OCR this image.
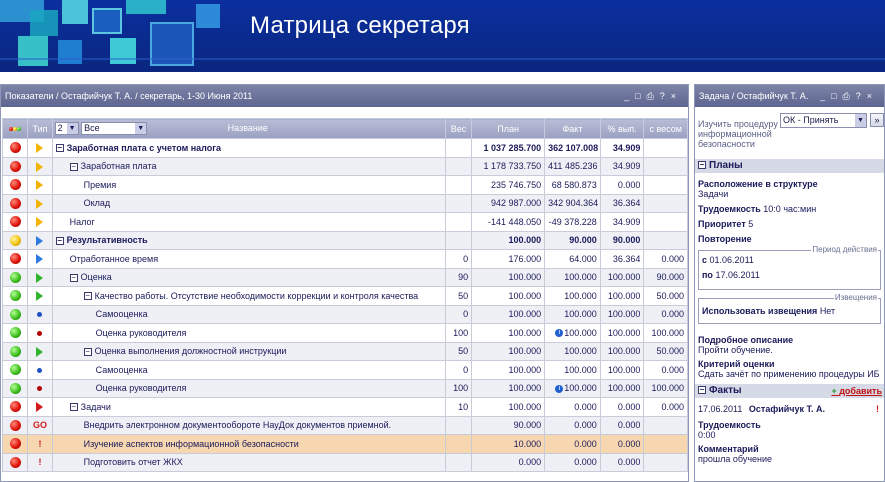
Матрица секретаря
Показатели / Остафийчук Т. А. / секретарь, 1-30 Июня 2011	_□⎙?×
	Тип	2 ▼ Все ▼ Название	Вес	План	Факт	% вып.	с весом
		− Заработная плата с учетом налога		1 037 285.700	362 107.008	34.909	
		− Заработная плата		1 178 733.750	411 485.236	34.909	
		Премия		235 746.750	68 580.873	0.000	
		Оклад		942 987.000	342 904.364	36.364	
		Налог		-141 448.050	-49 378.228	34.909	
		− Результативность		100.000	90.000	90.000	
		Отработанное время	0	176.000	64.000	36.364	0.000
		− Оценка	90	100.000	100.000	100.000	90.000
		− Качество работы. Отсутствие необходимости коррекции и контроля качества	50	100.000	100.000	100.000	50.000
		Самооценка	0	100.000	100.000	100.000	0.000
		Оценка руководителя	100	100.000	i 100.000	100.000	100.000
		− Оценка выполнения должностной инструкции	50	100.000	100.000	100.000	50.000
		Самооценка	0	100.000	100.000	100.000	0.000
		Оценка руководителя	100	100.000	i 100.000	100.000	100.000
		− Задачи	10	100.000	0.000	0.000	0.000
	GO	Внедрить электронном документообороте НауДок документов приемной.		90.000	0.000	0.000	
	!	Изучение аспектов информационной безопасности		10.000	0.000	0.000	
	!	Подготовить отчет ЖКХ		0.000	0.000	0.000	
Задача / Остафийчук Т. А. _□⎙?×
Изучить процедуру информационной безопасности
ОК - Принять	▼	»
− Планы
Расположение в структуре
Задачи
Трудоемкость 10:0 час:мин
Приоритет 5
Повторение
Период действия
с 01.06.2011
по 17.06.2011
Извещения
Использовать извещения Нет
Подробное описание
Пройти обучение.
Критерий оценки
Сдать зачёт по применению процедуры ИБ
− Факты	+ добавить
17.06.2011 Остафийчук Т. А.	!
Трудоемкость
0:00
Комментарий
прошла обучение
